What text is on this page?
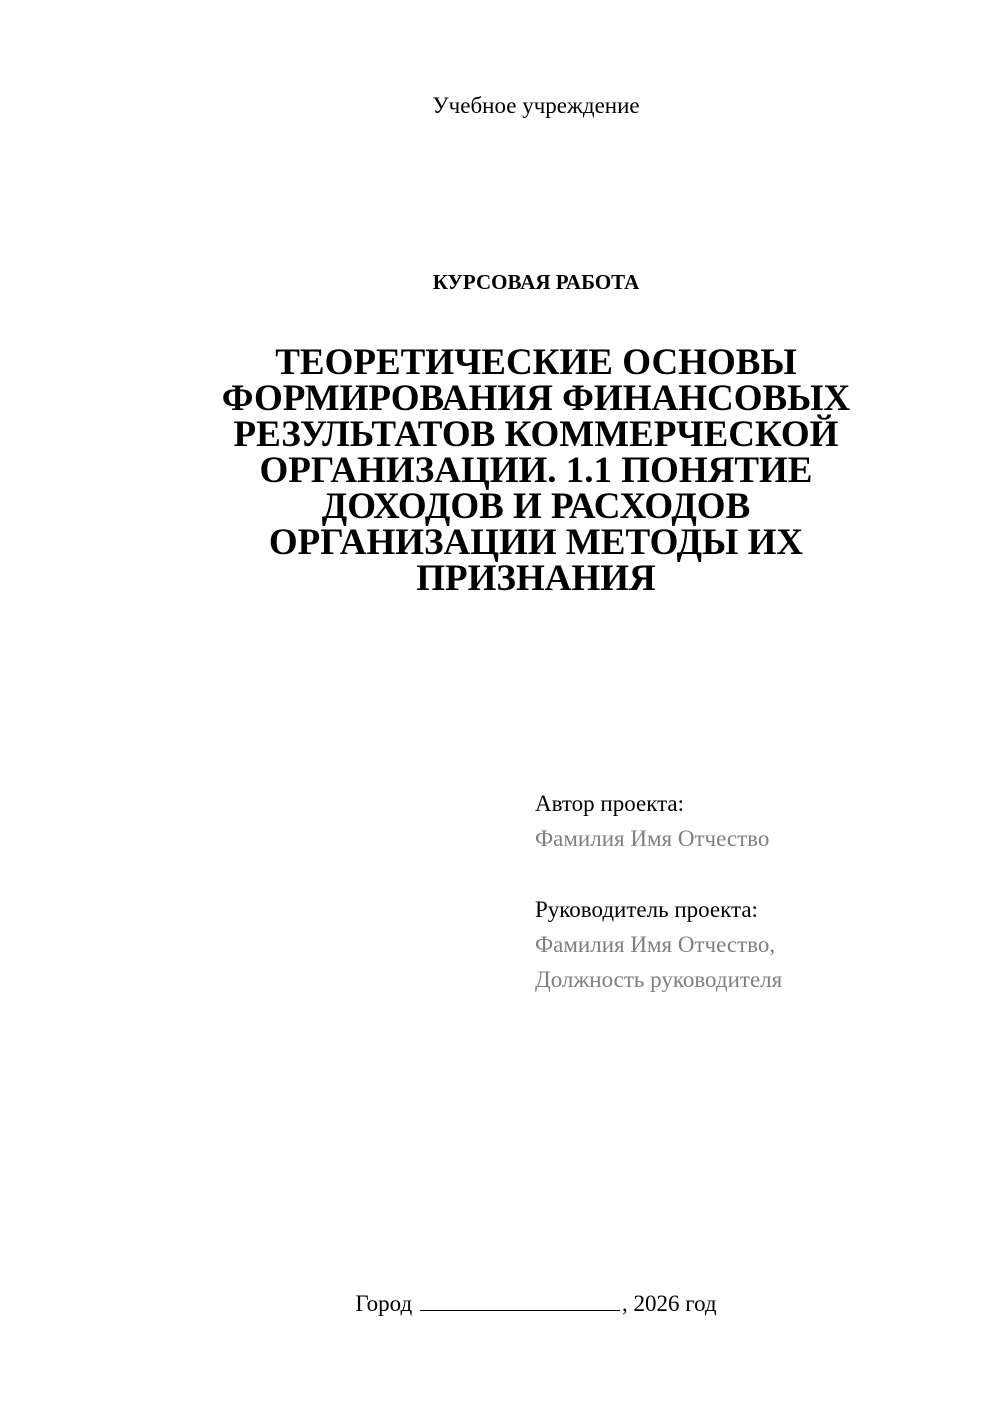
Учебное учреждение
КУРСОВАЯ РАБОТА
ТЕОРЕТИЧЕСКИЕ ОСНОВЫ
ФОРМИРОВАНИЯ ФИНАНСОВЫХ
РЕЗУЛЬТАТОВ КОММЕРЧЕСКОЙ
ОРГАНИЗАЦИИ. 1.1 ПОНЯТИЕ
ДОХОДОВ И РАСХОДОВ
ОРГАНИЗАЦИИ МЕТОДЫ ИХ
ПРИЗНАНИЯ
Автор проекта:
Фамилия Имя Отчество
Руководитель проекта:
Фамилия Имя Отчество,
Должность руководителя
Город	, 2026 год
